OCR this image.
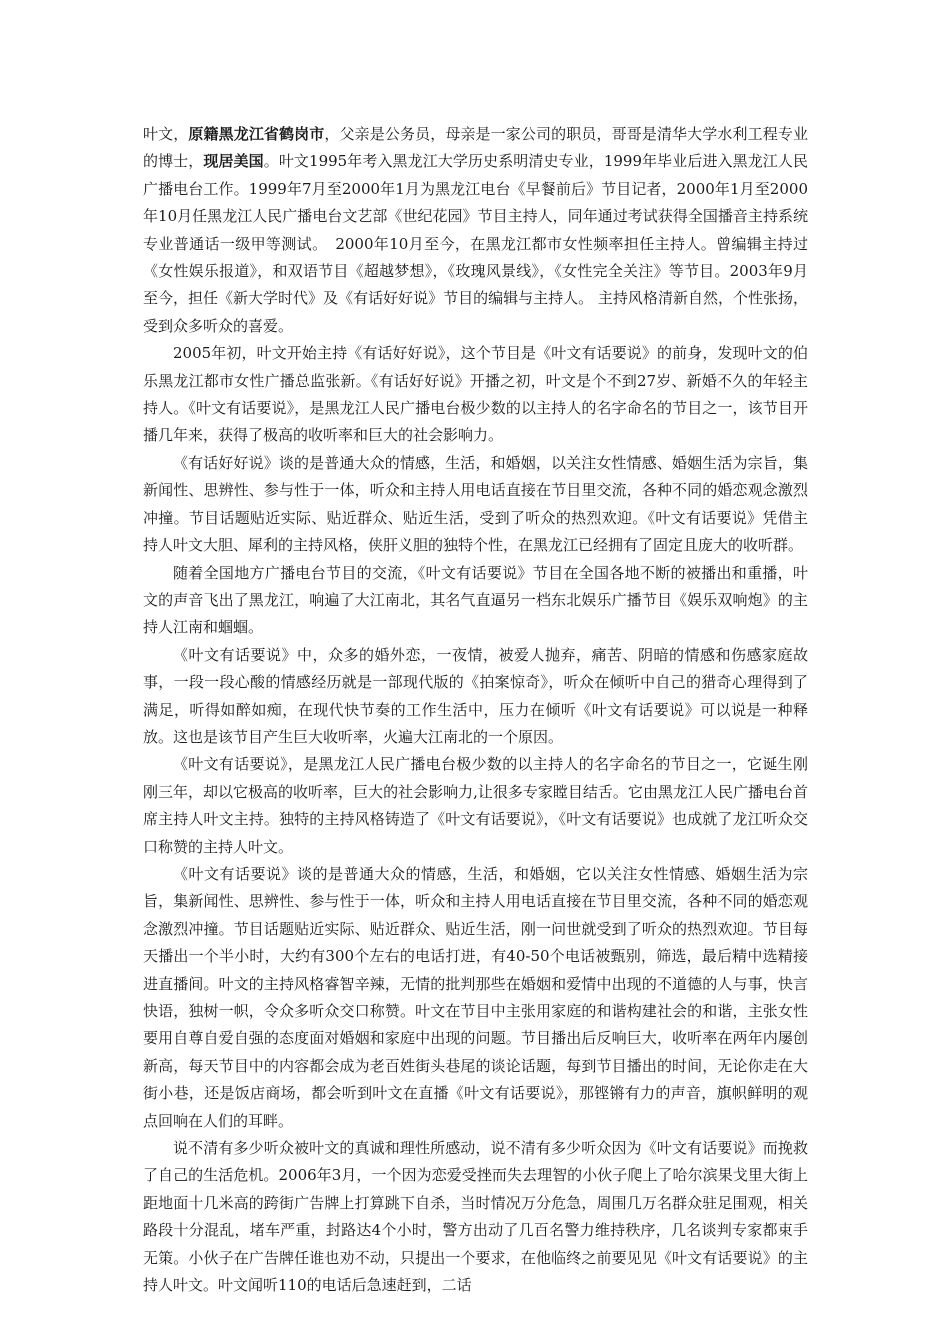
叶文，原籍黑龙江省鹤岗市，父亲是公务员，母亲是一家公司的职员，哥哥是清华大学水利工程专业的博士，现居美国。叶文1995年考入黑龙江大学历史系明清史专业，1999年毕业后进入黑龙江人民广播电台工作。1999年7月至2000年1月为黑龙江电台《早餐前后》节目记者，2000年1月至2000年10月任黑龙江人民广播电台文艺部《世纪花园》节目主持人，同年通过考试获得全国播音主持系统专业普通话一级甲等测试。　2000年10月至今，在黑龙江都市女性频率担任主持人。曾编辑主持过《女性娱乐报道》，和双语节目《超越梦想》，《玫瑰风景线》，《女性完全关注》等节目。2003年9月至今，担任《新大学时代》及《有话好好说》节目的编辑与主持人。 主持风格清新自然，个性张扬，受到众多听众的喜爱。

2005年初，叶文开始主持《有话好好说》，这个节目是《叶文有话要说》的前身，发现叶文的伯乐黑龙江都市女性广播总监张新。《有话好好说》开播之初，叶文是个不到27岁、新婚不久的年轻主持人。《叶文有话要说》，是黑龙江人民广播电台极少数的以主持人的名字命名的节目之一，该节目开播几年来，获得了极高的收听率和巨大的社会影响力。

《有话好好说》谈的是普通大众的情感，生活，和婚姻，以关注女性情感、婚姻生活为宗旨，集新闻性、思辨性、参与性于一体，听众和主持人用电话直接在节目里交流，各种不同的婚恋观念激烈冲撞。节目话题贴近实际、贴近群众、贴近生活，受到了听众的热烈欢迎。《叶文有话要说》凭借主持人叶文大胆、犀利的主持风格，侠肝义胆的独特个性，在黑龙江已经拥有了固定且庞大的收听群。

随着全国地方广播电台节目的交流，《叶文有话要说》节目在全国各地不断的被播出和重播，叶文的声音飞出了黑龙江，响遍了大江南北，其名气直逼另一档东北娱乐广播节目《娱乐双响炮》的主持人江南和蝈蝈。

《叶文有话要说》中，众多的婚外恋，一夜情，被爱人抛弃，痛苦、阴暗的情感和伤感家庭故事，一段一段心酸的情感经历就是一部现代版的《拍案惊奇》，听众在倾听中自己的猎奇心理得到了满足，听得如醉如痴，在现代快节奏的工作生活中，压力在倾听《叶文有话要说》可以说是一种释放。这也是该节目产生巨大收听率，火遍大江南北的一个原因。

《叶文有话要说》，是黑龙江人民广播电台极少数的以主持人的名字命名的节目之一，它诞生刚刚三年，却以它极高的收听率，巨大的社会影响力,让很多专家瞠目结舌。它由黑龙江人民广播电台首席主持人叶文主持。独特的主持风格铸造了《叶文有话要说》，《叶文有话要说》也成就了龙江听众交口称赞的主持人叶文。

《叶文有话要说》谈的是普通大众的情感，生活，和婚姻，它以关注女性情感、婚姻生活为宗旨，集新闻性、思辨性、参与性于一体，听众和主持人用电话直接在节目里交流，各种不同的婚恋观念激烈冲撞。节目话题贴近实际、贴近群众、贴近生活，刚一问世就受到了听众的热烈欢迎。节目每天播出一个半小时，大约有300个左右的电话打进，有40-50个电话被甄别，筛选，最后精中选精接进直播间。叶文的主持风格睿智辛辣，无情的批判那些在婚姻和爱情中出现的不道德的人与事，快言快语，独树一帜，令众多听众交口称赞。叶文在节目中主张用家庭的和谐构建社会的和谐，主张女性要用自尊自爱自强的态度面对婚姻和家庭中出现的问题。节目播出后反响巨大，收听率在两年内屡创新高，每天节目中的内容都会成为老百姓街头巷尾的谈论话题，每到节目播出的时间，无论你走在大街小巷，还是饭店商场，都会听到叶文在直播《叶文有话要说》，那铿锵有力的声音，旗帜鲜明的观点回响在人们的耳畔。

说不清有多少听众被叶文的真诚和理性所感动，说不清有多少听众因为《叶文有话要说》而挽救了自己的生活危机。2006年3月，一个因为恋爱受挫而失去理智的小伙子爬上了哈尔滨果戈里大街上距地面十几米高的跨街广告牌上打算跳下自杀，当时情况万分危急，周围几万名群众驻足围观，相关路段十分混乱，堵车严重，封路达4个小时，警方出动了几百名警力维持秩序，几名谈判专家都束手无策。小伙子在广告牌任谁也劝不动，只提出一个要求，在他临终之前要见见《叶文有话要说》的主持人叶文。叶文闻听110的电话后急速赶到，二话
